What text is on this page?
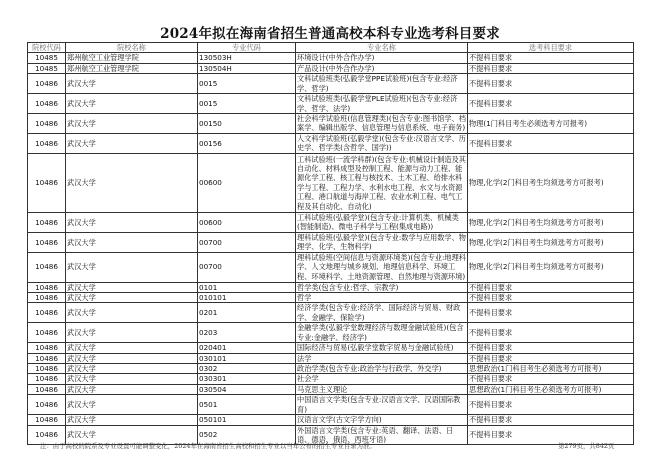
2024年拟在海南省招生普通高校本科专业选考科目要求
院校代码	院校名称	专业代码	专业名称	选考科目要求
10485	郑州航空工业管理学院	130503H	环境设计(中外合作办学)	不提科目要求
10485	郑州航空工业管理学院	130504H	产品设计(中外合作办学)	不提科目要求
10486	武汉大学	0015	文科试验班类(弘毅学堂PPE试验班)(包含专业:经济学、哲学)	不提科目要求
10486	武汉大学	0015	文科试验班类(弘毅学堂PLE试验班)(包含专业:经济学、哲学、法学)	不提科目要求
10486	武汉大学	00150	社会科学试验班(信息管理类)(包含专业:图书馆学、档案学、编辑出版学、信息管理与信息系统、电子商务)	物理(1门科目考生必须选考方可报考)
10486	武汉大学	00156	人文科学试验班(弘毅学堂)(包含专业:汉语言文学、历史学、哲学类(含哲学、国学))	不提科目要求
10486	武汉大学	00600	工科试验班(一流学科群)(包含专业:机械设计制造及其自动化、材料成型及控制工程、能源与动力工程、能源化学工程、核工程与核技术、土木工程、给排水科学与工程、工程力学、水利水电工程、水文与水资源工程、港口航道与海岸工程、农业水利工程、电气工程及其自动化、自动化)	物理,化学(2门科目考生均须选考方可报考)
10486	武汉大学	00600	工科试验班(弘毅学堂)(包含专业:计算机类、机械类(智能制造)、微电子科学与工程(集成电路))	物理,化学(2门科目考生均须选考方可报考)
10486	武汉大学	00700	理科试验班(弘毅学堂)(包含专业:数学与应用数学、物理学、化学、生物科学)	物理,化学(2门科目考生均须选考方可报考)
10486	武汉大学	00700	理科试验班(空间信息与资源环境类)(包含专业:地理科学、人文地理与城乡规划、地理信息科学、环境工程、环境科学、土地资源管理、自然地理与资源环境)	物理,化学(2门科目考生均须选考方可报考)
10486	武汉大学	0101	哲学类(包含专业:哲学、宗教学)	不提科目要求
10486	武汉大学	010101	哲学	不提科目要求
10486	武汉大学	0201	经济学类(包含专业:经济学、国际经济与贸易、财政学、金融学、保险学)	不提科目要求
10486	武汉大学	0203	金融学类(弘毅学堂数理经济与数理金融试验班)(包含专业:金融学、经济学)	不提科目要求
10486	武汉大学	020401	国际经济与贸易(弘毅学堂数字贸易与金融试验班)	不提科目要求
10486	武汉大学	030101	法学	不提科目要求
10486	武汉大学	0302	政治学类(包含专业:政治学与行政学、外交学)	思想政治(1门科目考生必须选考方可报考)
10486	武汉大学	030301	社会学	不提科目要求
10486	武汉大学	030504	马克思主义理论	思想政治(1门科目考生必须选考方可报考)
10486	武汉大学	0501	中国语言文学类(包含专业:汉语言文学、汉语国际教育)	不提科目要求
10486	武汉大学	050101	汉语言文学(古文字学方向)	不提科目要求
10486	武汉大学	0502	外国语言文学类(包含专业:英语、翻译、法语、日语、德语、俄语、西班牙语)	不提科目要求
注：由于高校的院系及专业设置可能调整变化，2024年在海南省招生高校和招生专业以当年公布的招生专业目录为准。	第279页，共842页
